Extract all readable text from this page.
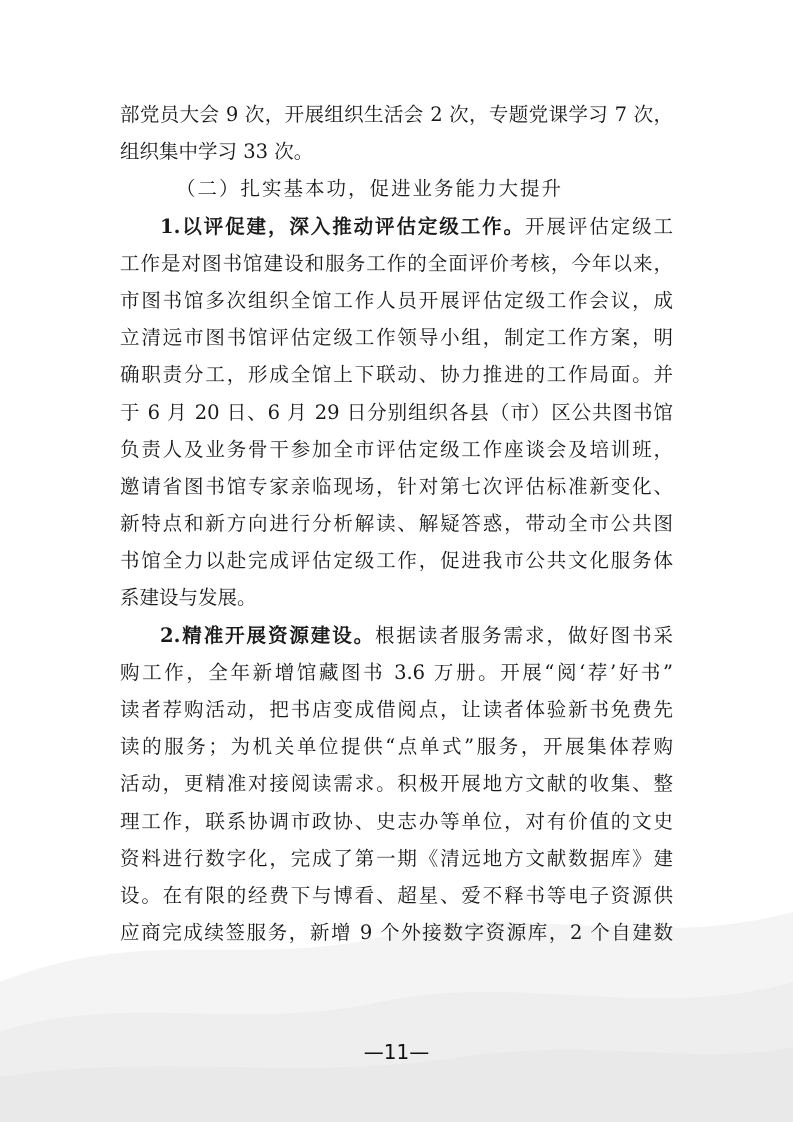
部党员大会 9 次，开展组织生活会 2 次，专题党课学习 7 次，
组织集中学习 33 次。
（二）扎实基本功，促进业务能力大提升
1.以评促建，深入推动评估定级工作。开展评估定级工
工作是对图书馆建设和服务工作的全面评价考核，今年以来，
市图书馆多次组织全馆工作人员开展评估定级工作会议，成
立清远市图书馆评估定级工作领导小组，制定工作方案，明
确职责分工，形成全馆上下联动、协力推进的工作局面。并
于 6 月 20 日、6 月 29 日分别组织各县（市）区公共图书馆
负责人及业务骨干参加全市评估定级工作座谈会及培训班，
邀请省图书馆专家亲临现场，针对第七次评估标准新变化、
新特点和新方向进行分析解读、解疑答惑，带动全市公共图
书馆全力以赴完成评估定级工作，促进我市公共文化服务体
系建设与发展。
2.精准开展资源建设。根据读者服务需求，做好图书采
购工作，全年新增馆藏图书 3.6 万册。开展“阅‘荐’好书”
读者荐购活动，把书店变成借阅点，让读者体验新书免费先
读的服务；为机关单位提供“点单式”服务，开展集体荐购
活动，更精准对接阅读需求。积极开展地方文献的收集、整
理工作，联系协调市政协、史志办等单位，对有价值的文史
资料进行数字化，完成了第一期《清远地方文献数据库》建
设。在有限的经费下与博看、超星、爱不释书等电子资源供
应商完成续签服务，新增 9 个外接数字资源库，2 个自建数
—11—
